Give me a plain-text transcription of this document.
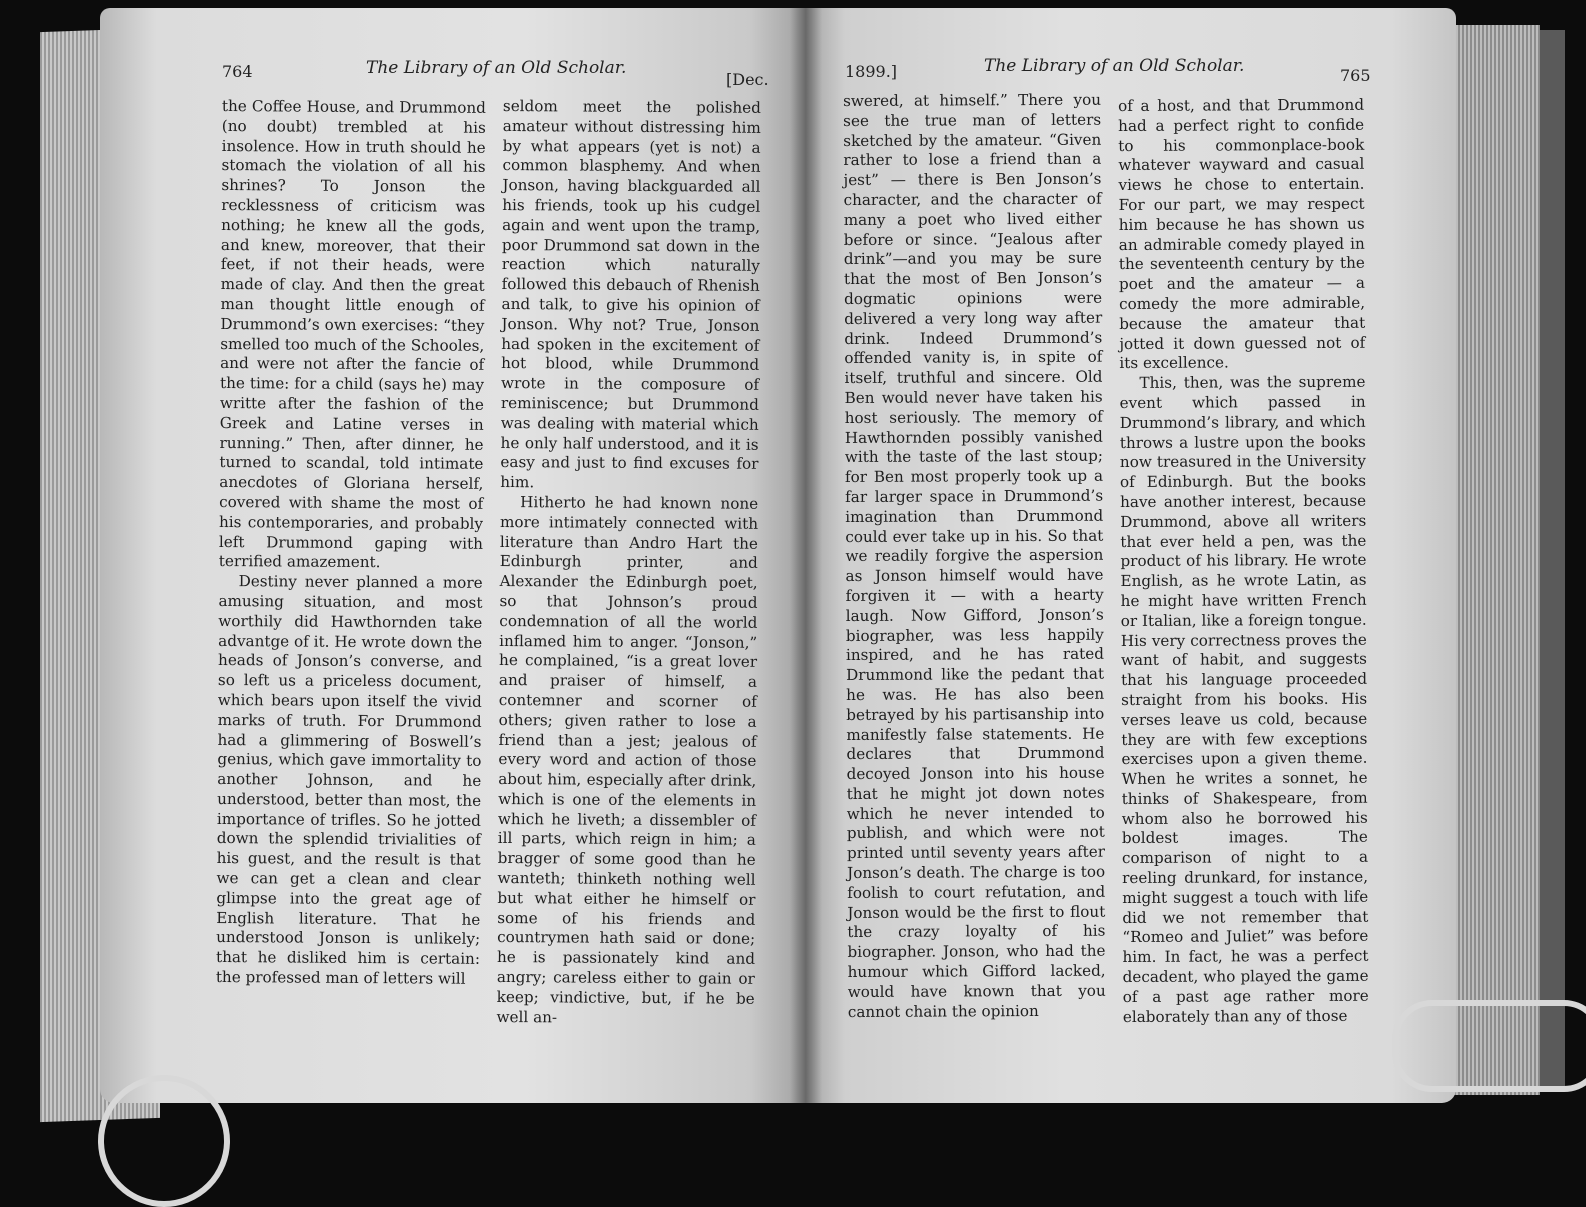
764	The Library of an Old Scholar.
[Dec.

the Coffee House, and Drummond (no doubt) trembled at his insolence. How in truth should he stomach the violation of all his shrines? To Jonson the recklessness of criticism was nothing; he knew all the gods, and knew, moreover, that their feet, if not their heads, were made of clay. And then the great man thought little enough of Drummond’s own exercises: “they smelled too much of the Schooles, and were not after the fancie of the time: for a child (says he) may writte after the fashion of the Greek and Latine verses in running.” Then, after dinner, he turned to scandal, told intimate anecdotes of Gloriana herself, covered with shame the most of his contemporaries, and probably left Drummond gaping with terrified amazement.

Destiny never planned a more amusing situation, and most worthily did Hawthornden take advantge of it. He wrote down the heads of Jonson’s converse, and so left us a priceless document, which bears upon itself the vivid marks of truth. For Drummond had a glimmering of Boswell’s genius, which gave immortality to another Johnson, and he understood, better than most, the importance of trifles. So he jotted down the splendid trivialities of his guest, and the result is that we can get a clean and clear glimpse into the great age of English literature. That he understood Jonson is unlikely; that he disliked him is certain: the professed man of letters will

seldom meet the polished amateur without distressing him by what appears (yet is not) a common blasphemy. And when Jonson, having blackguarded all his friends, took up his cudgel again and went upon the tramp, poor Drummond sat down in the reaction which naturally followed this debauch of Rhenish and talk, to give his opinion of Jonson. Why not? True, Jonson had spoken in the excitement of hot blood, while Drummond wrote in the composure of reminiscence; but Drummond was dealing with material which he only half understood, and it is easy and just to find excuses for him.

Hitherto he had known none more intimately connected with literature than Andro Hart the Edinburgh printer, and Alexander the Edinburgh poet, so that Johnson’s proud condemnation of all the world inflamed him to anger. “Jonson,” he complained, “is a great lover and praiser of himself, a contemner and scorner of others; given rather to lose a friend than a jest; jealous of every word and action of those about him, especially after drink, which is one of the elements in which he liveth; a dissembler of ill parts, which reign in him; a bragger of some good than he wanteth; thinketh nothing well but what either he himself or some of his friends and countrymen hath said or done; he is passionately kind and angry; careless either to gain or keep; vindictive, but, if he be well an-

1899.]	The Library of an Old Scholar.	765

swered, at himself.” There you see the true man of letters sketched by the amateur. “Given rather to lose a friend than a jest” — there is Ben Jonson’s character, and the character of many a poet who lived either before or since. “Jealous after drink”—and you may be sure that the most of Ben Jonson’s dogmatic opinions were delivered a very long way after drink. Indeed Drummond’s offended vanity is, in spite of itself, truthful and sincere. Old Ben would never have taken his host seriously. The memory of Hawthornden possibly vanished with the taste of the last stoup; for Ben most properly took up a far larger space in Drummond’s imagination than Drummond could ever take up in his. So that we readily forgive the aspersion as Jonson himself would have forgiven it — with a hearty laugh. Now Gifford, Jonson’s biographer, was less happily inspired, and he has rated Drummond like the pedant that he was. He has also been betrayed by his partisanship into manifestly false statements. He declares that Drummond decoyed Jonson into his house that he might jot down notes which he never intended to publish, and which were not printed until seventy years after Jonson’s death. The charge is too foolish to court refutation, and Jonson would be the first to flout the crazy loyalty of his biographer. Jonson, who had the humour which Gifford lacked, would have known that you cannot chain the opinion

of a host, and that Drummond had a perfect right to confide to his commonplace-book whatever wayward and casual views he chose to entertain. For our part, we may respect him because he has shown us an admirable comedy played in the seventeenth century by the poet and the amateur — a comedy the more admirable, because the amateur that jotted it down guessed not of its excellence.

This, then, was the supreme event which passed in Drummond’s library, and which throws a lustre upon the books now treasured in the University of Edinburgh. But the books have another interest, because Drummond, above all writers that ever held a pen, was the product of his library. He wrote English, as he wrote Latin, as he might have written French or Italian, like a foreign tongue. His very correctness proves the want of habit, and suggests that his language proceeded straight from his books. His verses leave us cold, because they are with few exceptions exercises upon a given theme. When he writes a sonnet, he thinks of Shakespeare, from whom also he borrowed his boldest images. The comparison of night to a reeling drunkard, for instance, might suggest a touch with life did we not remember that “Romeo and Juliet” was before him. In fact, he was a perfect decadent, who played the game of a past age rather more elaborately than any of those
